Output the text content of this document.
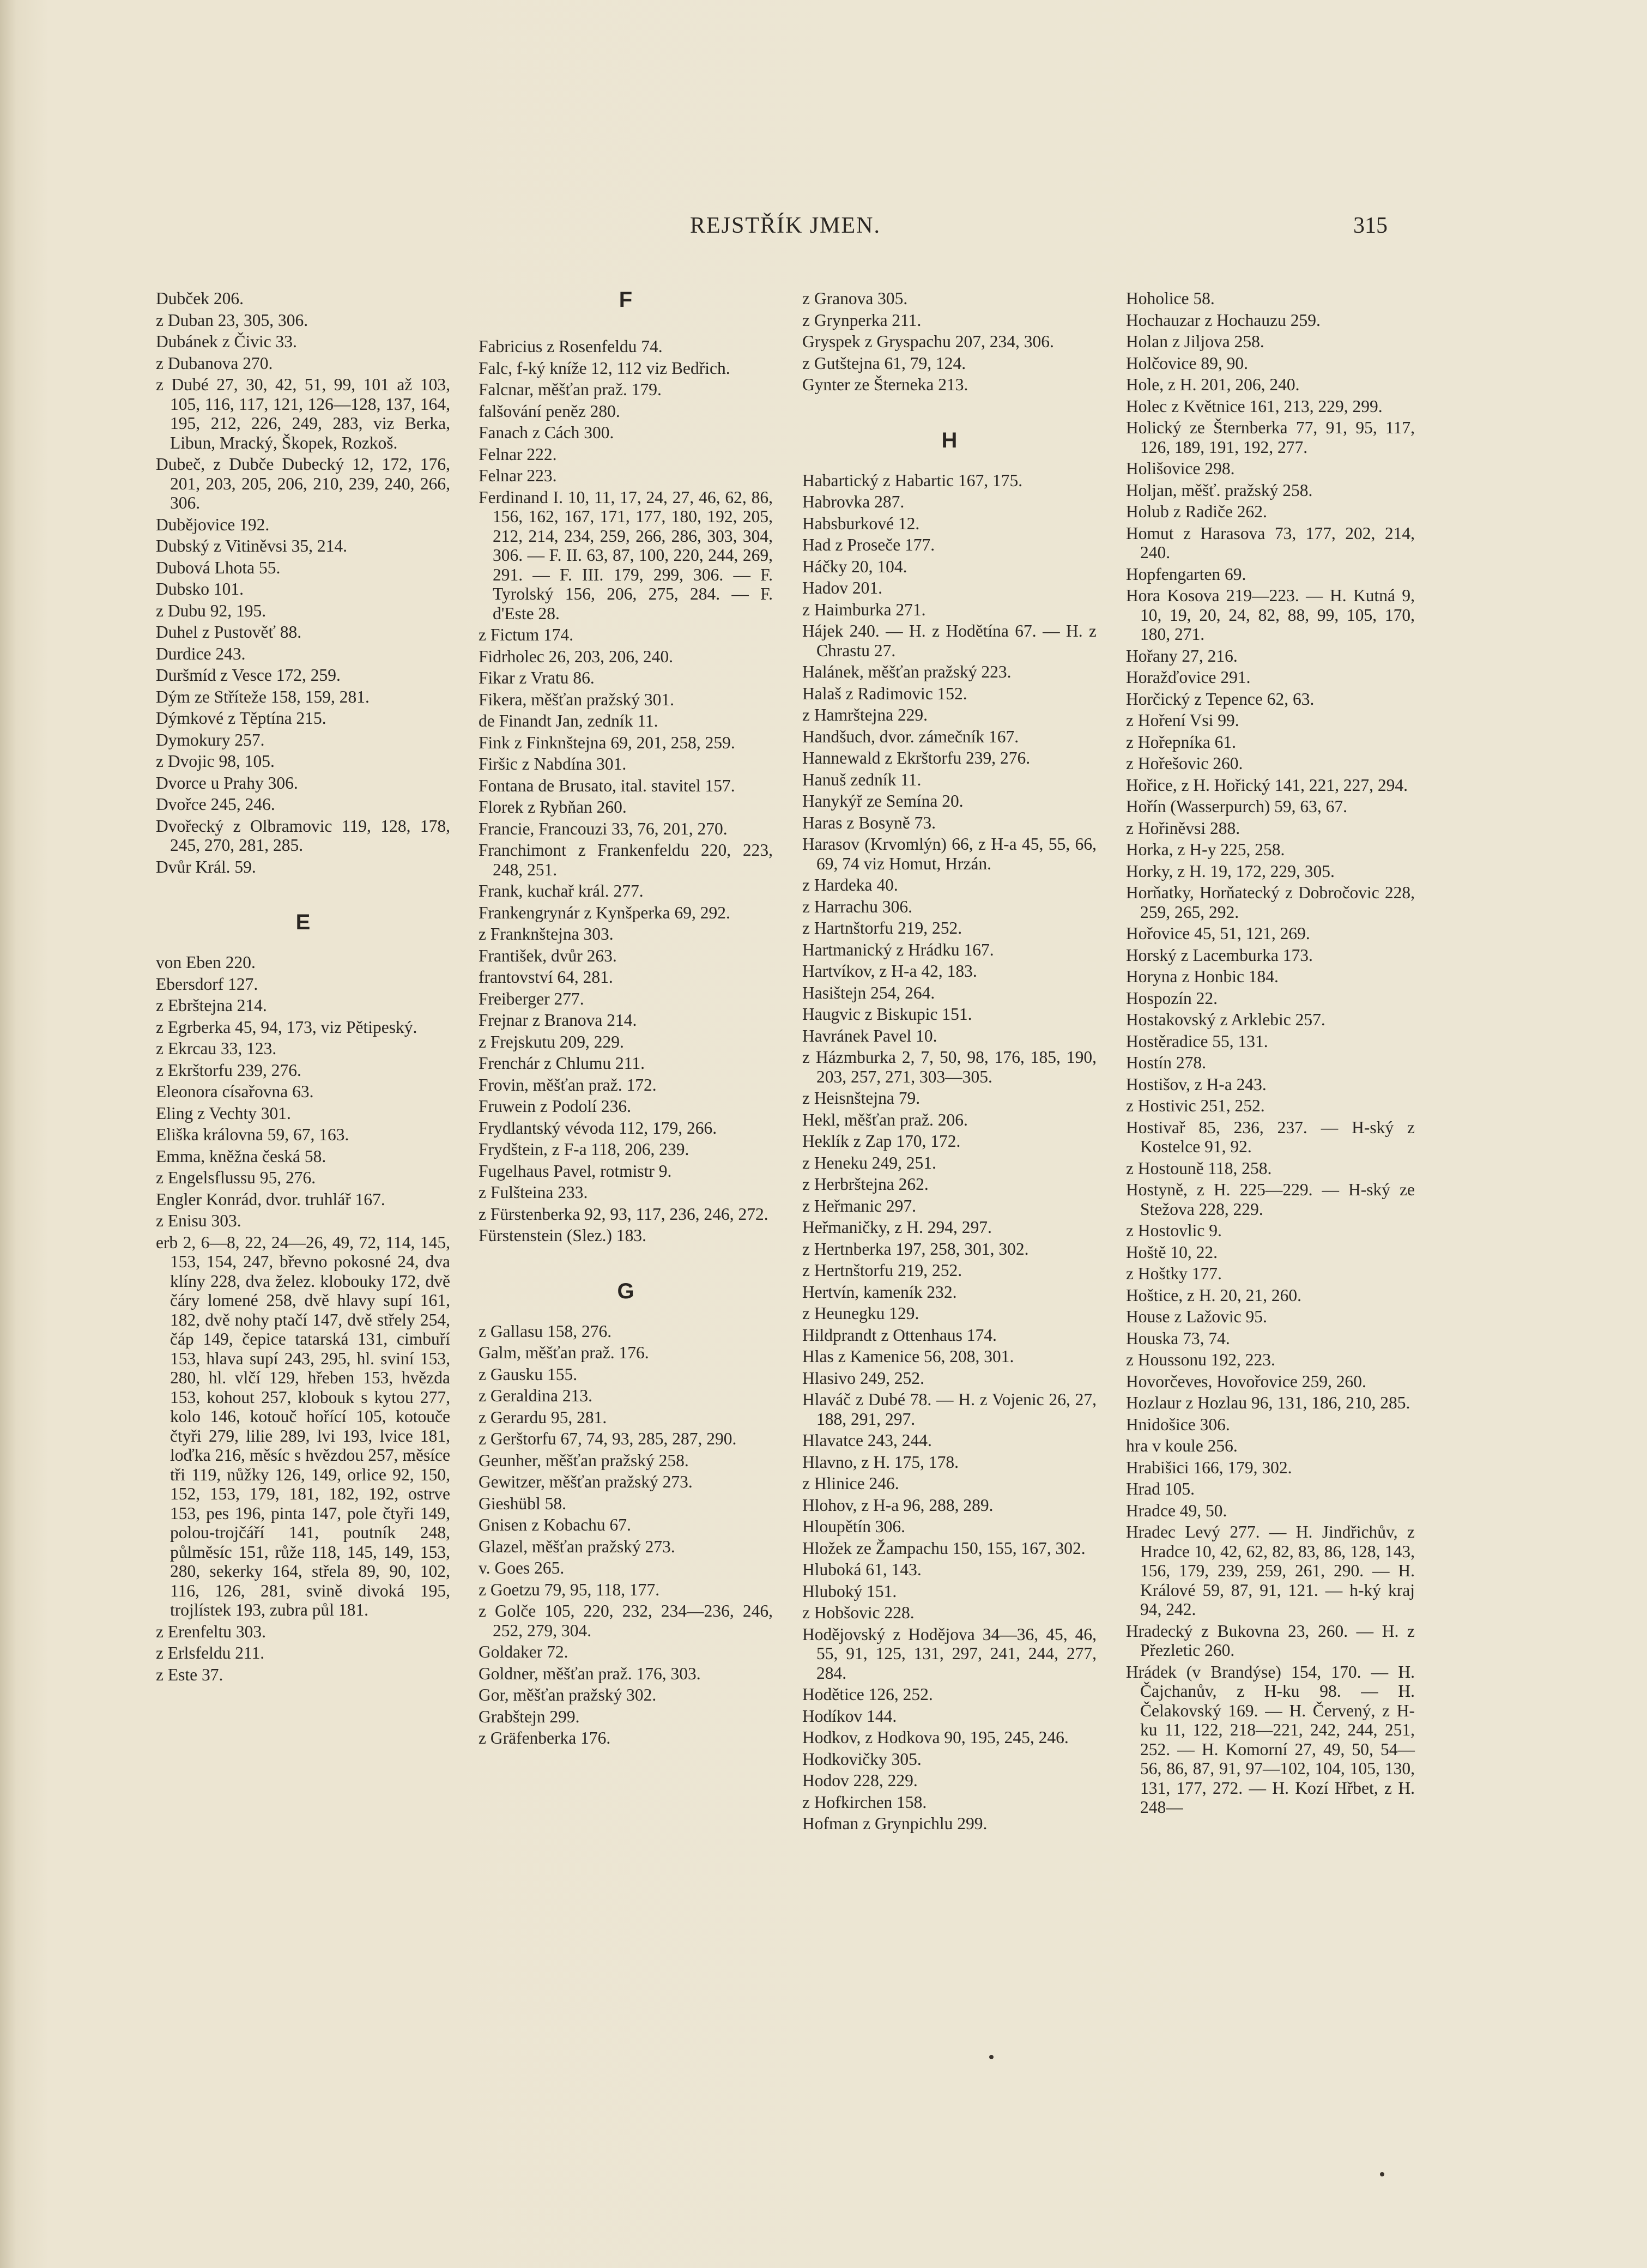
REJSTŘÍK JMEN.	315
Dubček 206.
z Duban 23, 305, 306.
Dubánek z Čivic 33.
z Dubanova 270.
z Dubé 27, 30, 42, 51, 99, 101 až 103, 105, 116, 117, 121, 126—128, 137, 164, 195, 212, 226, 249, 283, viz Berka, Libun, Mracký, Škopek, Rozkoš.
Dubeč, z Dubče Dubecký 12, 172, 176, 201, 203, 205, 206, 210, 239, 240, 266, 306.
Dubějovice 192.
Dubský z Vitiněvsi 35, 214.
Dubová Lhota 55.
Dubsko 101.
z Dubu 92, 195.
Duhel z Pustověť 88.
Durdice 243.
Duršmíd z Vesce 172, 259.
Dým ze Stříteže 158, 159, 281.
Dýmkové z Těptína 215.
Dymokury 257.
z Dvojic 98, 105.
Dvorce u Prahy 306.
Dvořce 245, 246.
Dvořecký z Olbramovic 119, 128, 178, 245, 270, 281, 285.
Dvůr Král. 59.
E
von Eben 220.
Ebersdorf 127.
z Ebrštejna 214.
z Egrberka 45, 94, 173, viz Pětipeský.
z Ekrcau 33, 123.
z Ekrštorfu 239, 276.
Eleonora císařovna 63.
Eling z Vechty 301.
Eliška královna 59, 67, 163.
Emma, kněžna česká 58.
z Engelsflussu 95, 276.
Engler Konrád, dvor. truhlář 167.
z Enisu 303.
erb 2, 6—8, 22, 24—26, 49, 72, 114, 145, 153, 154, 247, břevno pokosné 24, dva klíny 228, dva želez. klobouky 172, dvě čáry lomené 258, dvě hlavy supí 161, 182, dvě nohy ptačí 147, dvě střely 254, čáp 149, čepice tatarská 131, cimbuří 153, hlava supí 243, 295, hl. sviní 153, 280, hl. vlčí 129, hřeben 153, hvězda 153, kohout 257, klobouk s kytou 277, kolo 146, kotouč hořící 105, kotouče čtyři 279, lilie 289, lvi 193, lvice 181, loďka 216, měsíc s hvězdou 257, měsíce tři 119, nůžky 126, 149, orlice 92, 150, 152, 153, 179, 181, 182, 192, ostrve 153, pes 196, pinta 147, pole čtyři 149, polou-trojčáří 141, poutník 248, půlměsíc 151, růže 118, 145, 149, 153, 280, sekerky 164, střela 89, 90, 102, 116, 126, 281, svině divoká 195, trojlístek 193, zubra půl 181.
z Erenfeltu 303.
z Erlsfeldu 211.
z Este 37.
F
Fabricius z Rosenfeldu 74.
Falc, f-ký kníže 12, 112 viz Bedřich.
Falcnar, měšťan praž. 179.
falšování peněz 280.
Fanach z Cách 300.
Felnar 222.
Felnar 223.
Ferdinand I. 10, 11, 17, 24, 27, 46, 62, 86, 156, 162, 167, 171, 177, 180, 192, 205, 212, 214, 234, 259, 266, 286, 303, 304, 306. — F. II. 63, 87, 100, 220, 244, 269, 291. — F. III. 179, 299, 306. — F. Tyrolský 156, 206, 275, 284. — F. d'Este 28.
z Fictum 174.
Fidrholec 26, 203, 206, 240.
Fikar z Vratu 86.
Fikera, měšťan pražský 301.
de Finandt Jan, zedník 11.
Fink z Finknštejna 69, 201, 258, 259.
Firšic z Nabdína 301.
Fontana de Brusato, ital. stavitel 157.
Florek z Rybňan 260.
Francie, Francouzi 33, 76, 201, 270.
Franchimont z Frankenfeldu 220, 223, 248, 251.
Frank, kuchař král. 277.
Frankengrynár z Kynšperka 69, 292.
z Franknštejna 303.
František, dvůr 263.
frantovství 64, 281.
Freiberger 277.
Frejnar z Branova 214.
z Frejskutu 209, 229.
Frenchár z Chlumu 211.
Frovin, měšťan praž. 172.
Fruwein z Podolí 236.
Frydlantský vévoda 112, 179, 266.
Frydštein, z F-a 118, 206, 239.
Fugelhaus Pavel, rotmistr 9.
z Fulšteina 233.
z Fürstenberka 92, 93, 117, 236, 246, 272.
Fürstenstein (Slez.) 183.
G
z Gallasu 158, 276.
Galm, měšťan praž. 176.
z Gausku 155.
z Geraldina 213.
z Gerardu 95, 281.
z Gerštorfu 67, 74, 93, 285, 287, 290.
Geunher, měšťan pražský 258.
Gewitzer, měšťan pražský 273.
Gieshübl 58.
Gnisen z Kobachu 67.
Glazel, měšťan pražský 273.
v. Goes 265.
z Goetzu 79, 95, 118, 177.
z Golče 105, 220, 232, 234—236, 246, 252, 279, 304.
Goldaker 72.
Goldner, měšťan praž. 176, 303.
Gor, měšťan pražský 302.
Grabštejn 299.
z Gräfenberka 176.
z Granova 305.
z Grynperka 211.
Gryspek z Gryspachu 207, 234, 306.
z Gutštejna 61, 79, 124.
Gynter ze Šterneka 213.
H
Habartický z Habartic 167, 175.
Habrovka 287.
Habsburkové 12.
Had z Proseče 177.
Háčky 20, 104.
Hadov 201.
z Haimburka 271.
Hájek 240. — H. z Hodětína 67. — H. z Chrastu 27.
Halánek, měšťan pražský 223.
Halaš z Radimovic 152.
z Hamrštejna 229.
Handšuch, dvor. zámečník 167.
Hannewald z Ekrštorfu 239, 276.
Hanuš zedník 11.
Hanykýř ze Semína 20.
Haras z Bosyně 73.
Harasov (Krvomlýn) 66, z H-a 45, 55, 66, 69, 74 viz Homut, Hrzán.
z Hardeka 40.
z Harrachu 306.
z Hartnštorfu 219, 252.
Hartmanický z Hrádku 167.
Hartvíkov, z H-a 42, 183.
Hasištejn 254, 264.
Haugvic z Biskupic 151.
Havránek Pavel 10.
z Házmburka 2, 7, 50, 98, 176, 185, 190, 203, 257, 271, 303—305.
z Heisnštejna 79.
Hekl, měšťan praž. 206.
Heklík z Zap 170, 172.
z Heneku 249, 251.
z Herbrštejna 262.
z Heřmanic 297.
Heřmaničky, z H. 294, 297.
z Hertnberka 197, 258, 301, 302.
z Hertnštorfu 219, 252.
Hertvín, kameník 232.
z Heunegku 129.
Hildprandt z Ottenhaus 174.
Hlas z Kamenice 56, 208, 301.
Hlasivo 249, 252.
Hlaváč z Dubé 78. — H. z Vojenic 26, 27, 188, 291, 297.
Hlavatce 243, 244.
Hlavno, z H. 175, 178.
z Hlinice 246.
Hlohov, z H-a 96, 288, 289.
Hloupětín 306.
Hložek ze Žampachu 150, 155, 167, 302.
Hluboká 61, 143.
Hluboký 151.
z Hobšovic 228.
Hodějovský z Hodějova 34—36, 45, 46, 55, 91, 125, 131, 297, 241, 244, 277, 284.
Hodětice 126, 252.
Hodíkov 144.
Hodkov, z Hodkova 90, 195, 245, 246.
Hodkovičky 305.
Hodov 228, 229.
z Hofkirchen 158.
Hofman z Grynpichlu 299.
Hoholice 58.
Hochauzar z Hochauzu 259.
Holan z Jiljova 258.
Holčovice 89, 90.
Hole, z H. 201, 206, 240.
Holec z Květnice 161, 213, 229, 299.
Holický ze Šternberka 77, 91, 95, 117, 126, 189, 191, 192, 277.
Holišovice 298.
Holjan, měšť. pražský 258.
Holub z Radiče 262.
Homut z Harasova 73, 177, 202, 214, 240.
Hopfengarten 69.
Hora Kosova 219—223. — H. Kutná 9, 10, 19, 20, 24, 82, 88, 99, 105, 170, 180, 271.
Hořany 27, 216.
Horažďovice 291.
Horčický z Tepence 62, 63.
z Hoření Vsi 99.
z Hořepníka 61.
z Hořešovic 260.
Hořice, z H. Hořický 141, 221, 227, 294.
Hořín (Wasserpurch) 59, 63, 67.
z Hořiněvsi 288.
Horka, z H-y 225, 258.
Horky, z H. 19, 172, 229, 305.
Horňatky, Horňatecký z Dobročovic 228, 259, 265, 292.
Hořovice 45, 51, 121, 269.
Horský z Lacemburka 173.
Horyna z Honbic 184.
Hospozín 22.
Hostakovský z Arklebic 257.
Hostěradice 55, 131.
Hostín 278.
Hostišov, z H-a 243.
z Hostivic 251, 252.
Hostivař 85, 236, 237. — H-ský z Kostelce 91, 92.
z Hostouně 118, 258.
Hostyně, z H. 225—229. — H-ský ze Stežova 228, 229.
z Hostovlic 9.
Hoště 10, 22.
z Hoštky 177.
Hoštice, z H. 20, 21, 260.
House z Lažovic 95.
Houska 73, 74.
z Houssonu 192, 223.
Hovorčeves, Hovořovice 259, 260.
Hozlaur z Hozlau 96, 131, 186, 210, 285.
Hnidošice 306.
hra v koule 256.
Hrabišici 166, 179, 302.
Hrad 105.
Hradce 49, 50.
Hradec Levý 277. — H. Jindřichův, z Hradce 10, 42, 62, 82, 83, 86, 128, 143, 156, 179, 239, 259, 261, 290. — H. Králové 59, 87, 91, 121. — h-ký kraj 94, 242.
Hradecký z Bukovna 23, 260. — H. z Přezletic 260.
Hrádek (v Brandýse) 154, 170. — H. Čajchanův, z H-ku 98. — H. Čelakovský 169. — H. Červený, z H-ku 11, 122, 218—221, 242, 244, 251, 252. — H. Komorní 27, 49, 50, 54—56, 86, 87, 91, 97—102, 104, 105, 130, 131, 177, 272. — H. Kozí Hřbet, z H. 248—
